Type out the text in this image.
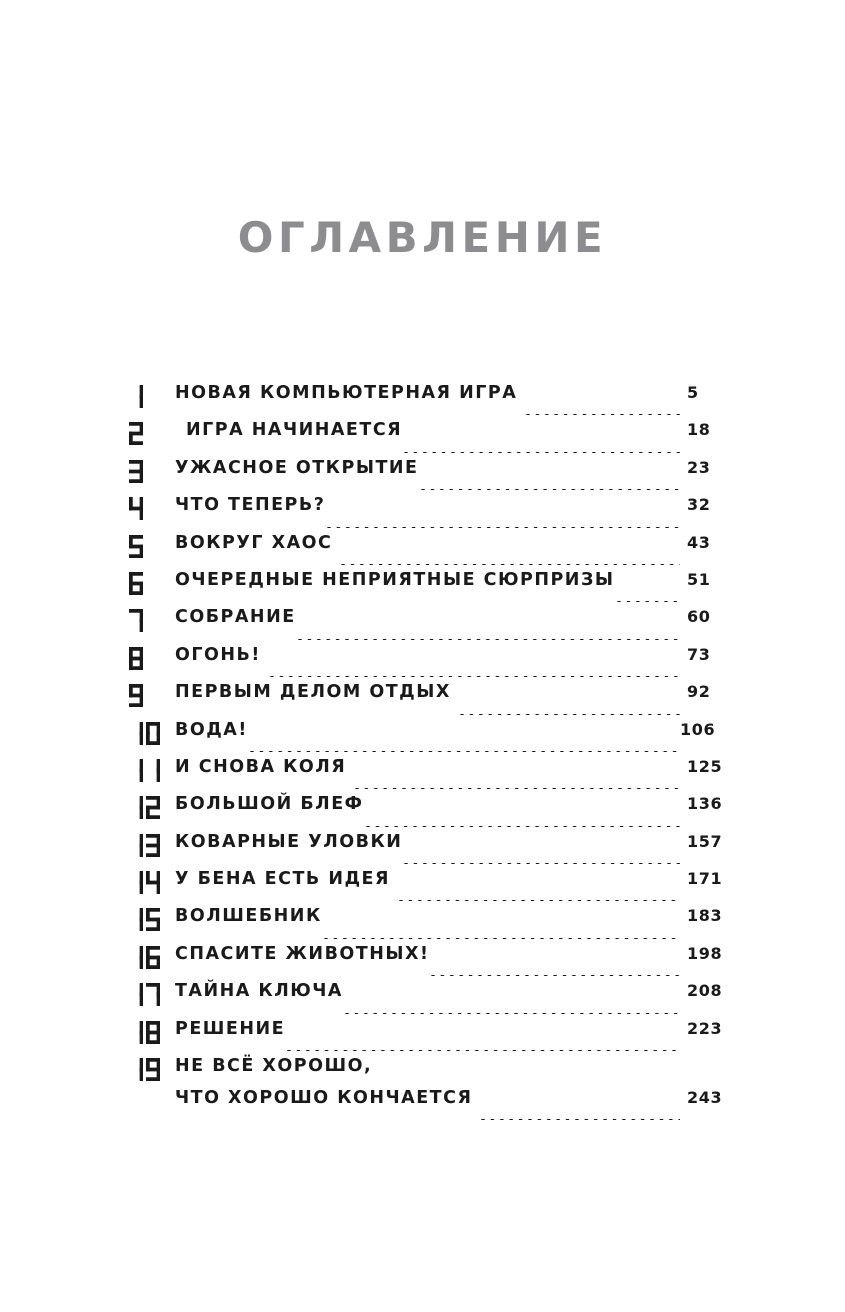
ОГЛАВЛЕНИЕ
НОВАЯ КОМПЬЮТЕРНАЯ ИГРА	5
ИГРА НАЧИНАЕТСЯ	18
УЖАСНОЕ ОТКРЫТИЕ	23
ЧТО ТЕПЕРЬ?	32
ВОКРУГ ХАОС	43
ОЧЕРЕДНЫЕ НЕПРИЯТНЫЕ СЮРПРИЗЫ	51
СОБРАНИЕ	60
ОГОНЬ!	73
ПЕРВЫМ ДЕЛОМ ОТДЫХ	92
ВОДА!	106
И СНОВА КОЛЯ	125
БОЛЬШОЙ БЛЕФ	136
КОВАРНЫЕ УЛОВКИ	157
У БЕНА ЕСТЬ ИДЕЯ	171
ВОЛШЕБНИК	183
СПАСИТЕ ЖИВОТНЫХ!	198
ТАЙНА КЛЮЧА	208
РЕШЕНИЕ	223
НЕ ВСЁ ХОРОШО,
ЧТО ХОРОШО КОНЧАЕТСЯ	243
